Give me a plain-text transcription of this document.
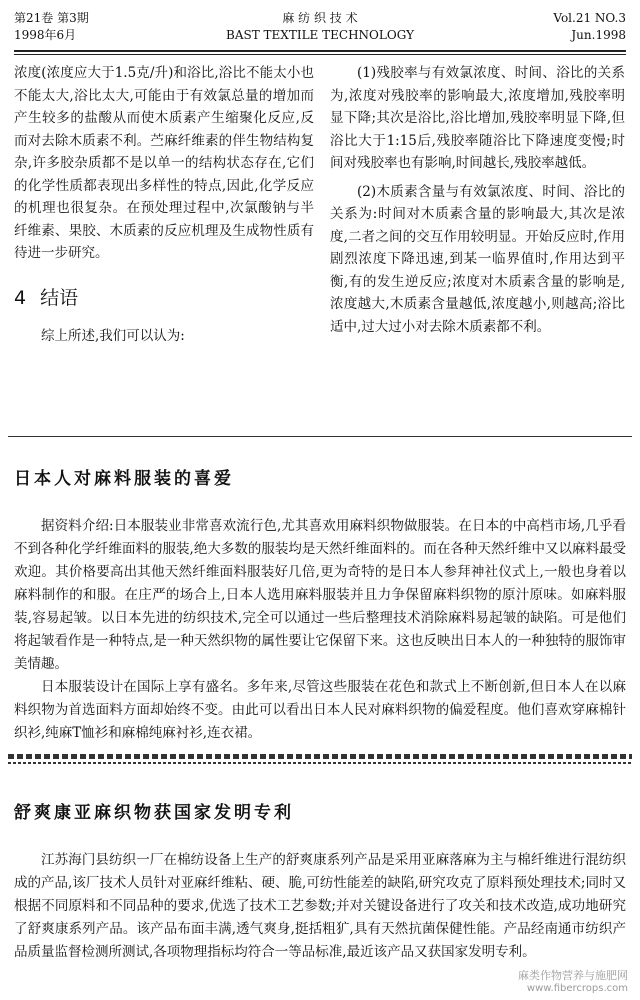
第21卷 第3期
1998年6月
麻 纺 织 技 术
BAST TEXTILE TECHNOLOGY
Vol.21 NO.3
Jun.1998

浓度(浓度应大于1.5克/升)和浴比,浴比不能太小也不能太大,浴比太大,可能由于有效氯总量的增加而产生较多的盐酸从而使木质素产生缩聚化反应,反而对去除木质素不利。苎麻纤维素的伴生物结构复杂,许多胶杂质都不是以单一的结构状态存在,它们的化学性质都表现出多样性的特点,因此,化学反应的机理也很复杂。在预处理过程中,次氯酸钠与半纤维素、果胶、木质素的反应机理及生成物性质有待进一步研究。

4 结语

综上所述,我们可以认为:

(1)残胶率与有效氯浓度、时间、浴比的关系为,浓度对残胶率的影响最大,浓度增加,残胶率明显下降;其次是浴比,浴比增加,残胶率明显下降,但浴比大于1:15后,残胶率随浴比下降速度变慢;时间对残胶率也有影响,时间越长,残胶率越低。

(2)木质素含量与有效氯浓度、时间、浴比的关系为:时间对木质素含量的影响最大,其次是浓度,二者之间的交互作用较明显。开始反应时,作用剧烈浓度下降迅速,到某一临界值时,作用达到平衡,有的发生逆反应;浓度对木质素含量的影响是,浓度越大,木质素含量越低,浓度越小,则越高;浴比适中,过大过小对去除木质素都不利。

日本人对麻料服装的喜爱

据资料介绍:日本服装业非常喜欢流行色,尤其喜欢用麻料织物做服装。在日本的中高档市场,几乎看不到各种化学纤维面料的服装,绝大多数的服装均是天然纤维面料的。而在各种天然纤维中又以麻料最受欢迎。其价格要高出其他天然纤维面料服装好几倍,更为奇特的是日本人参拜神社仪式上,一般也身着以麻料制作的和服。在庄严的场合上,日本人选用麻料服装并且力争保留麻料织物的原汁原味。如麻料服装,容易起皱。以日本先进的纺织技术,完全可以通过一些后整理技术消除麻料易起皱的缺陷。可是他们将起皱看作是一种特点,是一种天然织物的属性要让它保留下来。这也反映出日本人的一种独特的服饰审美情趣。

日本服装设计在国际上享有盛名。多年来,尽管这些服装在花色和款式上不断创新,但日本人在以麻料织物为首选面料方面却始终不变。由此可以看出日本人民对麻料织物的偏爱程度。他们喜欢穿麻棉针织衫,纯麻T恤衫和麻棉纯麻衬衫,连衣裙。

舒爽康亚麻织物获国家发明专利

江苏海门县纺织一厂在棉纺设备上生产的舒爽康系列产品是采用亚麻落麻为主与棉纤维进行混纺织成的产品,该厂技术人员针对亚麻纤维粘、硬、脆,可纺性能差的缺陷,研究攻克了原料预处理技术;同时又根据不同原料和不同品种的要求,优选了技术工艺参数;并对关键设备进行了攻关和技术改造,成功地研究了舒爽康系列产品。该产品布面丰满,透气爽身,挺括粗犷,具有天然抗菌保健性能。产品经南通市纺织产品质量监督检测所测试,各项物理指标均符合一等品标准,最近该产品又获国家发明专利。

麻类作物营养与施肥网
www.fibercrops.com
